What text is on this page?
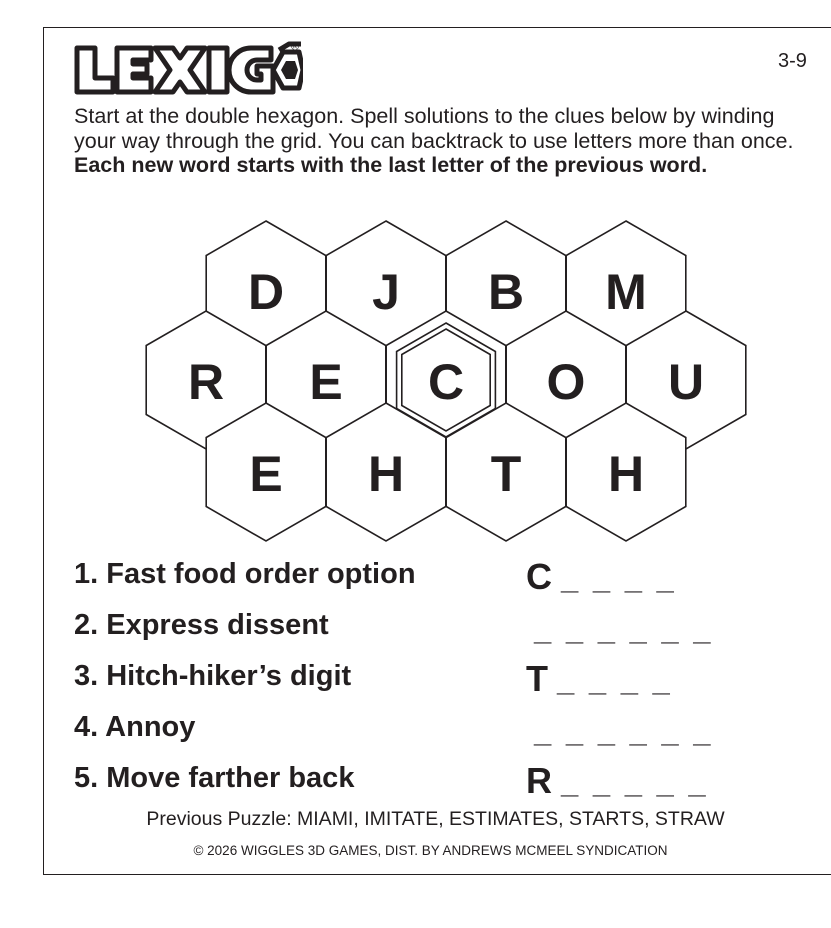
®
3-9
Start at the double hexagon. Spell solutions to the clues below by winding your way through the grid. You can backtrack to use letters more than once. Each new word starts with the last letter of the previous word.
D J B M
R E C O U
E H T H
1. Fast food order option	C _ _ _ _
2. Express dissent	_ _ _ _ _ _
3. Hitch-hiker’s digit	T _ _ _ _
4. Annoy	_ _ _ _ _ _
5. Move farther back	R _ _ _ _ _
Previous Puzzle: MIAMI, IMITATE, ESTIMATES, STARTS, STRAW
© 2026 WIGGLES 3D GAMES, DIST. BY ANDREWS MCMEEL SYNDICATION
